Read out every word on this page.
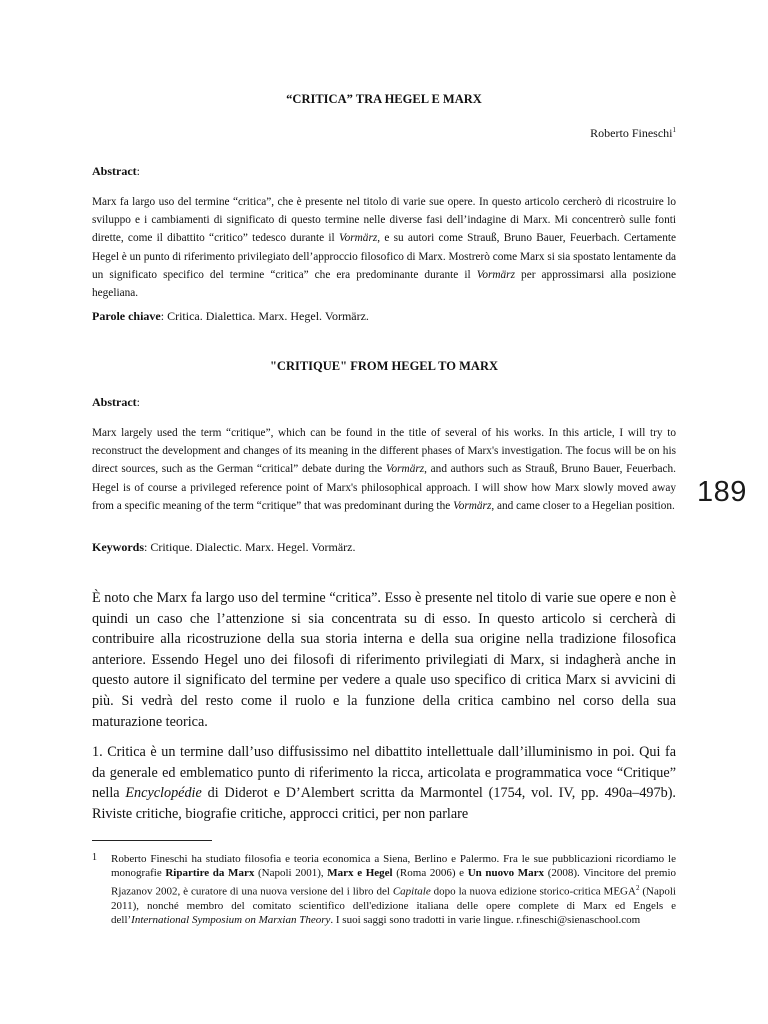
“CRITICA” TRA HEGEL E MARX
Roberto Fineschi$^1$
Abstract:
Marx fa largo uso del termine “critica”, che è presente nel titolo di varie sue opere. In questo articolo cercherò di ricostruire lo sviluppo e i cambiamenti di significato di questo termine nelle diverse fasi dell’indagine di Marx. Mi concentrerò sulle fonti dirette, come il dibattito “critico” tedesco durante il Vormärz, e su autori come Strauß, Bruno Bauer, Feuerbach. Certamente Hegel è un punto di riferimento privilegiato dell’approccio filosofico di Marx. Mostrerò come Marx si sia spostato lentamente da un significato specifico del termine “critica” che era predominante durante il Vormärz per approssimarsi alla posizione hegeliana.
Parole chiave: Critica. Dialettica. Marx. Hegel. Vormärz.
"CRITIQUE" FROM HEGEL TO MARX
Abstract:
Marx largely used the term “critique”, which can be found in the title of several of his works. In this article, I will try to reconstruct the development and changes of its meaning in the different phases of Marx's investigation. The focus will be on his direct sources, such as the German “critical” debate during the Vormärz, and authors such as Strauß, Bruno Bauer, Feuerbach. Hegel is of course a privileged reference point of Marx's philosophical approach. I will show how Marx slowly moved away from a specific meaning of the term “critique” that was predominant during the Vormärz, and came closer to a Hegelian position.
Keywords: Critique. Dialectic. Marx. Hegel. Vormärz.
189
È noto che Marx fa largo uso del termine “critica”. Esso è presente nel titolo di varie sue opere e non è quindi un caso che l’attenzione si sia concentrata su di esso. In questo articolo si cercherà di contribuire alla ricostruzione della sua storia interna e della sua origine nella tradizione filosofica anteriore. Essendo Hegel uno dei filosofi di riferimento privilegiati di Marx, si indagherà anche in questo autore il significato del termine per vedere a quale uso specifico di critica Marx si avvicini di più. Si vedrà del resto come il ruolo e la funzione della critica cambino nel corso della sua maturazione teorica.
1. Critica è un termine dall’uso diffusissimo nel dibattito intellettuale dall’illuminismo in poi. Qui fa da generale ed emblematico punto di riferimento la ricca, articolata e programmatica voce “Critique” nella Encyclopédie di Diderot e D’Alembert scritta da Marmontel (1754, vol. IV, pp. 490a–497b). Riviste critiche, biografie critiche, approcci critici, per non parlare
1 Roberto Fineschi ha studiato filosofia e teoria economica a Siena, Berlino e Palermo. Fra le sue pubblicazioni ricordiamo le monografie Ripartire da Marx (Napoli 2001), Marx e Hegel (Roma 2006) e Un nuovo Marx (2008). Vincitore del premio Rjazanov 2002, è curatore di una nuova versione del i libro del Capitale dopo la nuova edizione storico-critica MEGA$^2$ (Napoli 2011), nonché membro del comitato scientifico dell'edizione italiana delle opere complete di Marx ed Engels e dell’International Symposium on Marxian Theory. I suoi saggi sono tradotti in varie lingue. r.fineschi@sienaschool.com
